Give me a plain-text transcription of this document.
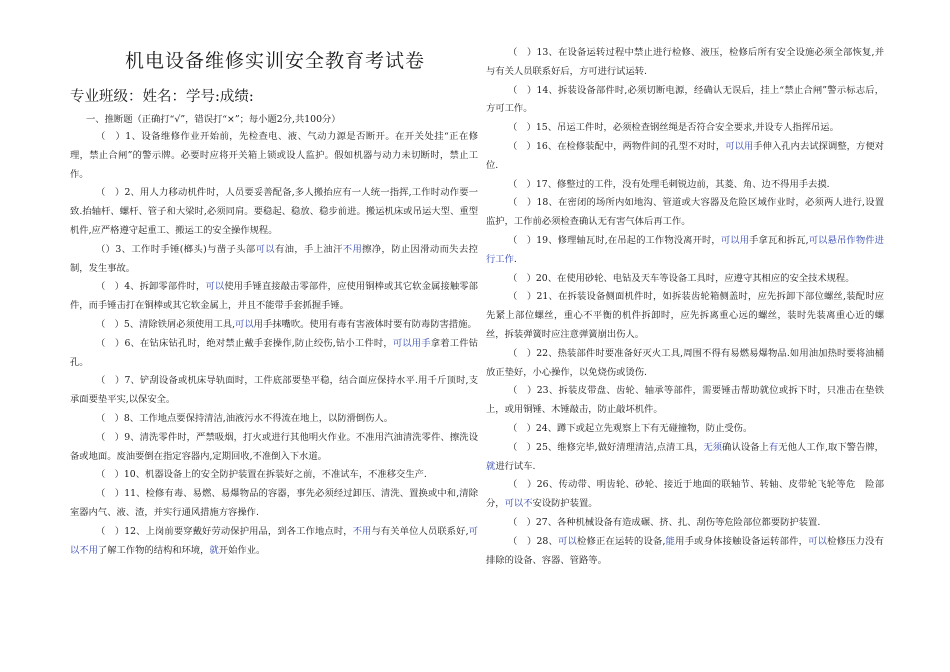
机电设备维修实训安全教育考试卷

专业班级：姓名：学号:成绩:

一、推断题（正确打“√”，错误打“×”；每小题2分,共100分）

（　）1、设备维修作业开始前，先检查电、液、气动力源是否断开。在开关处挂“正在修理，禁止合闸”的警示牌。必要时应将开关箱上锁或设人监护。假如机器与动力未切断时，禁止工作。

（　）2、用人力移动机件时，人员要妥善配备,多人搬抬应有一人统一指挥,工作时动作要一致.抬轴杆、螺杆、管子和大梁时,必须同肩。要稳起、稳放、稳步前进。搬运机床或吊运大型、重型机件,应严格遵守起重工、搬运工的安全操作规程。

（）3、工作时手锤(榔头)与凿子头部可以有油，手上油汗不用擦净，防止因滑动而失去控制，发生事故。

（　）4、拆卸零部件时，可以使用手锤直接敲击零部件，应使用铜棒或其它软金属接触零部件，而手锤击打在铜棒或其它软金属上，并且不能带手套抓握手锤。

（　）5、清除铁屑必须使用工具,可以用手抹嘴吹。使用有毒有害液体时要有防毒防害措施。

（　）6、在钻床钻孔时，绝对禁止戴手套操作,防止绞伤,钻小工件时，可以用手拿着工件钻孔。

（　）7、铲刮设备或机床导轨面时，工件底部要垫平稳，结合面应保持水平.用千斤顶时,支承面要垫平实,以保安全。

（　）8、工作地点要保持清洁,油液污水不得流在地上，以防滑倒伤人。

（　）9、清洗零件时，严禁吸烟，打火或进行其他明火作业。不准用汽油清洗零件、擦洗设备或地面。废油要倒在指定容器内,定期回收,不准倒入下水道。

（　）10、机器设备上的安全防护装置在拆装好之前，不准试车，不准移交生产.

（　）11、检修有毒、易燃、易爆物品的容器，事先必须经过卸压、清洗、置换或中和,清除室器内气、液、渣，并实行通风措施方容操作.

（　）12、上岗前要穿戴好劳动保护用品，到各工作地点时，不用与有关单位人员联系好,可以不用了解工作物的结构和环境，就开始作业。

（　）13、在设备运转过程中禁止进行检修、液压，检修后所有安全设施必须全部恢复,并与有关人员联系好后，方可进行试运转.

（　）14、拆装设备部件时,必须切断电源，经确认无误后，挂上“禁止合闸”警示标志后，方可工作。

（　）15、吊运工件时，必须检查钢丝绳是否符合安全要求,并设专人指挥吊运。

（　）16、在检修装配中，两物件间的孔型不对时，可以用手伸入孔内去试探调整，方便对位.

（　）17、修整过的工件，没有处理毛刺锐边前，其菱、角、边不得用手去摸.

（　）18、在密闭的场所内如地沟、管道或大容器及危险区域作业时，必须两人进行,设置监护，工作前必须检查确认无有害气体后再工作。

（　）19、修理轴瓦时,在吊起的工作物没离开时，可以用手拿瓦和拆瓦,可以悬吊作物件进行工作.

（　）20、在使用砂轮、电钻及天车等设备工具时，应遵守其相应的安全技术规程。

（　）21、在拆装设备侧面机件时，如拆装齿轮箱侧盖时，应先拆卸下部位螺丝,装配时应先紧上部位螺丝，重心不平衡的机件拆卸时，应先拆离重心远的螺丝，装时先装离重心近的螺丝，拆装弹簧时应注意弹簧崩出伤人。

（　）22、热装部件时要准备好灭火工具,周围不得有易燃易爆物品.如用油加热时要将油桶放正垫好，小心操作，以免烧伤或烫伤.

（　）23、拆装皮带盘、齿轮、轴承等部件，需要锤击帮助就位或拆下时，只准击在垫铁上，或用铜锤、木锤敲击，防止敲坏机件。

（　）24、蹲下或起立先观察上下有无碰撞物，防止受伤。

（　）25、维修完毕,做好清理清洁,点清工具，无须确认设备上有无他人工作,取下警告牌，就进行试车.

（　）26、传动带、明齿轮、砂轮、接近于地面的联轴节、转轴、皮带轮飞轮等危　险部分，可以不安设防护装置。

（　）27、各种机械设备有造成碾、挤、扎、刮伤等危险部位都要防护装置.

（　）28、可以检修正在运转的设备,能用手或身体接触设备运转部件，可以检修压力没有排除的设备、容器、管路等。
